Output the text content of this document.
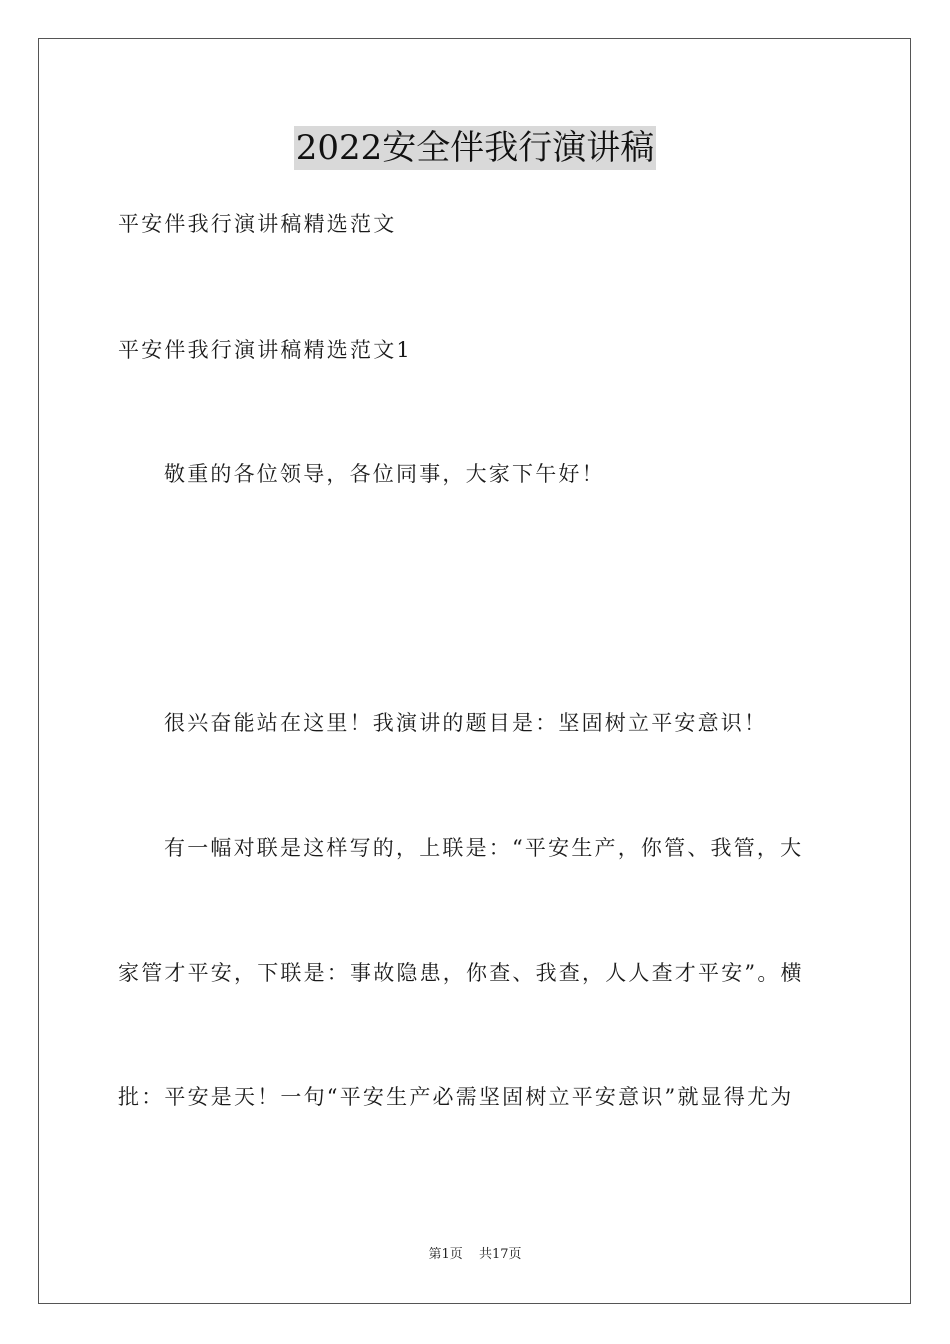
2022安全伴我行演讲稿
平安伴我行演讲稿精选范文
平安伴我行演讲稿精选范文1
敬重的各位领导，各位同事，大家下午好！
很兴奋能站在这里！我演讲的题目是：坚固树立平安意识！
有一幅对联是这样写的，上联是：“平安生产，你管、我管，大
家管才平安，下联是：事故隐患，你查、我查，人人查才平安”。横
批：平安是天！一句“平安生产必需坚固树立平安意识”就显得尤为
第1页 共17页
